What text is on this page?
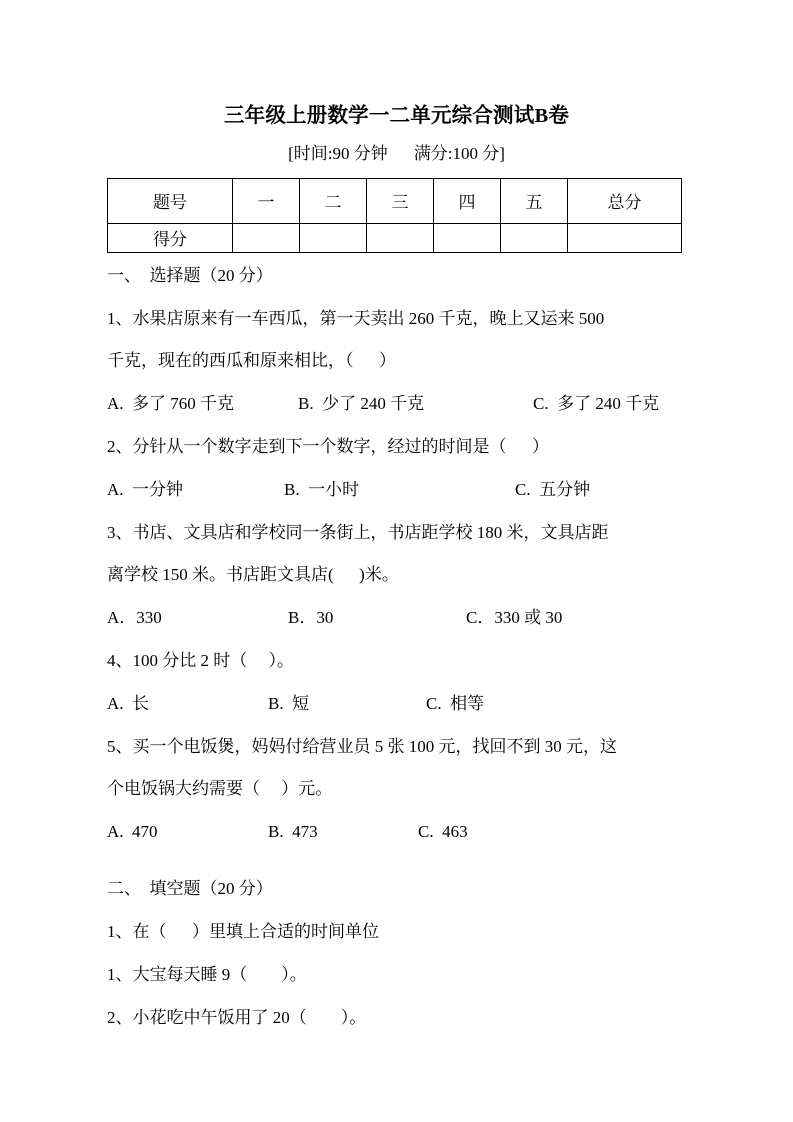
三年级上册数学一二单元综合测试B卷
[时间:90 分钟 满分:100 分]
题号	一	二	三	四	五	总分
得分						
一、  选择题（20 分）
1、水果店原来有一车西瓜，第一天卖出 260 千克，晚上又运来 500
千克，现在的西瓜和原来相比，（      ）
A.  多了 760 千克	B.  少了 240 千克	C.  多了 240 千克
2、分针从一个数字走到下一个数字，经过的时间是（      ）
A.  一分钟	B.  一小时	C.  五分钟
3、书店、文具店和学校同一条街上，书店距学校 180 米，文具店距
离学校 150 米。书店距文具店(      )米。
A．330	B．30	C．330 或 30
4、100 分比 2 时（     ）。
A.  长	B.  短	C.  相等
5、买一个电饭煲，妈妈付给营业员 5 张 100 元，找回不到 30 元，这
个电饭锅大约需要（     ）元。
A.  470	B.  473	C.  463
二、  填空题（20 分）
1、在（      ）里填上合适的时间单位
1、大宝每天睡 9（        ）。
2、小花吃中午饭用了 20（        ）。
